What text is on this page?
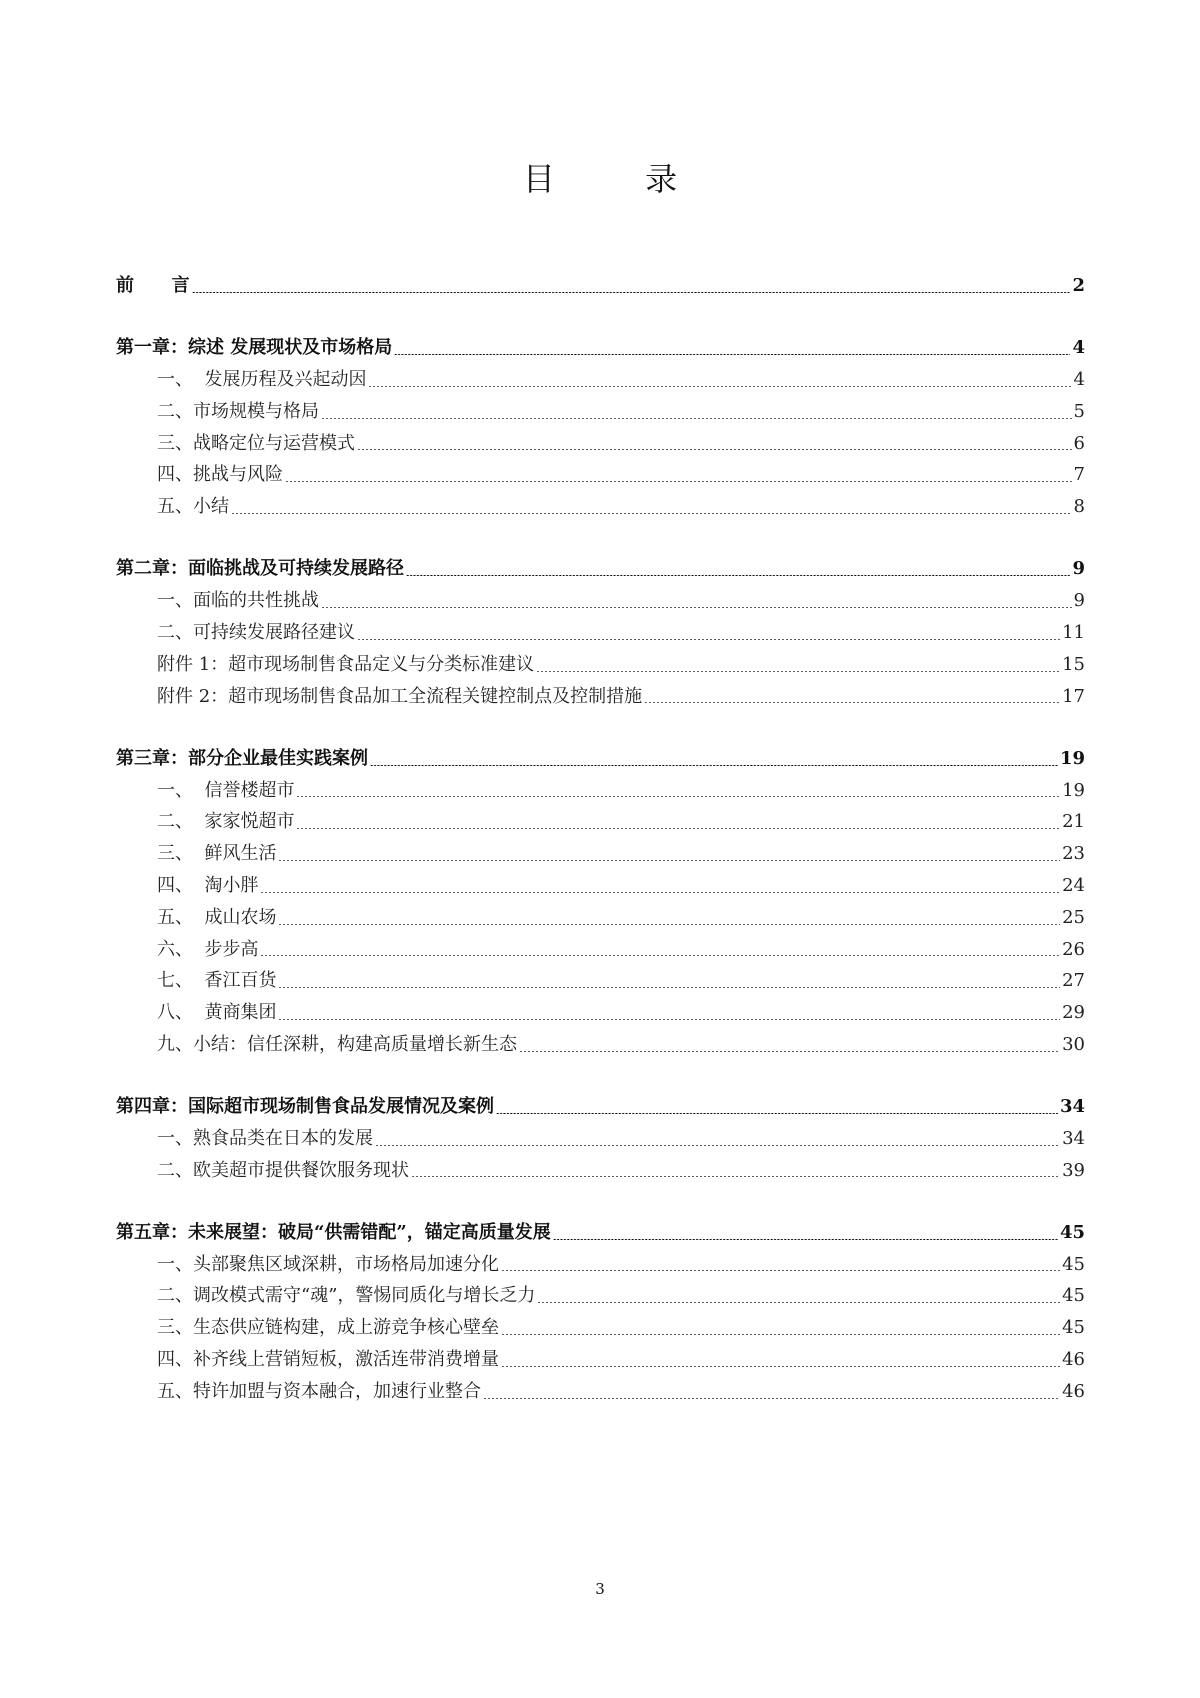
目 录
前      言	2
第一章：综述 发展现状及市场格局	4
一、  发展历程及兴起动因	4
二、市场规模与格局	5
三、战略定位与运营模式	6
四、挑战与风险	7
五、小结	8
第二章：面临挑战及可持续发展路径	9
一、面临的共性挑战	9
二、可持续发展路径建议	11
附件 1：超市现场制售食品定义与分类标准建议	15
附件 2：超市现场制售食品加工全流程关键控制点及控制措施	17
第三章：部分企业最佳实践案例	19
一、  信誉楼超市	19
二、  家家悦超市	21
三、  鲜风生活	23
四、  淘小胖	24
五、  成山农场	25
六、  步步高	26
七、  香江百货	27
八、  黄商集团	29
九、小结：信任深耕，构建高质量增长新生态	30
第四章：国际超市现场制售食品发展情况及案例	34
一、熟食品类在日本的发展	34
二、欧美超市提供餐饮服务现状	39
第五章：未来展望：破局“供需错配”，锚定高质量发展	45
一、头部聚焦区域深耕，市场格局加速分化	45
二、调改模式需守“魂”，警惕同质化与增长乏力	45
三、生态供应链构建，成上游竞争核心壁垒	45
四、补齐线上营销短板，激活连带消费增量	46
五、特许加盟与资本融合，加速行业整合	46
3
